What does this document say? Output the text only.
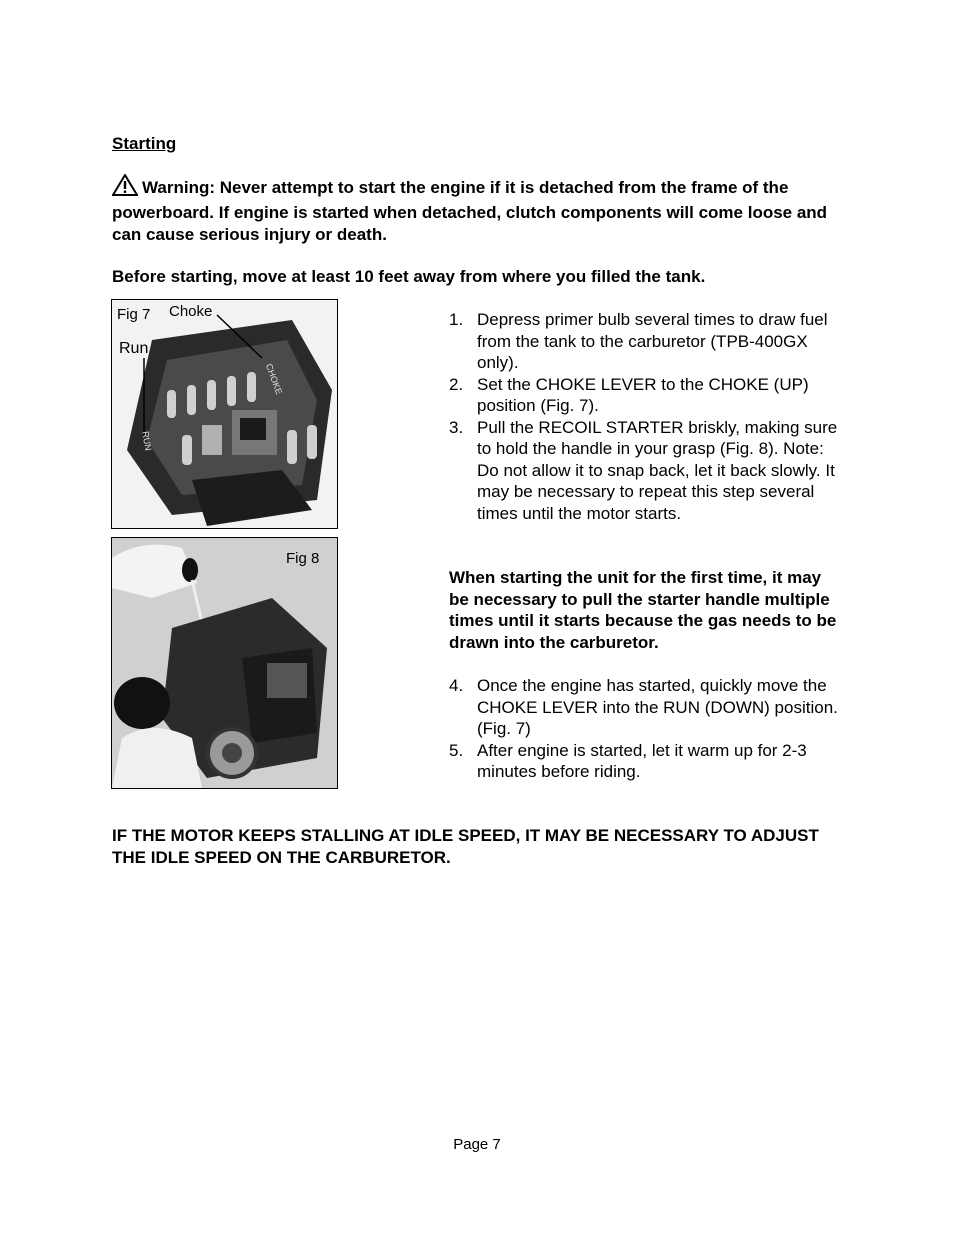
Starting

Warning: Never attempt to start the engine if it is detached from the frame of the powerboard. If engine is started when detached, clutch components will come loose and can cause serious injury or death.

Before starting, move at least 10 feet away from where you filled the tank.

Fig 7 Choke
Run
CHOKE
RUN
Fig 8
1. Depress primer bulb several times to draw fuel from the tank to the carburetor (TPB-400GX only).
2. Set the CHOKE LEVER to the CHOKE (UP) position (Fig. 7).
3. Pull the RECOIL STARTER briskly, making sure to hold the handle in your grasp (Fig. 8). Note: Do not allow it to snap back, let it back slowly. It may be necessary to repeat this step several times until the motor starts.

When starting the unit for the first time, it may be necessary to pull the starter handle multiple times until it starts because the gas needs to be drawn into the carburetor.

4. Once the engine has started, quickly move the CHOKE LEVER into the RUN (DOWN) position. (Fig. 7)
5. After engine is started, let it warm up for 2-3 minutes before riding.

IF THE MOTOR KEEPS STALLING AT IDLE SPEED, IT MAY BE NECESSARY TO ADJUST THE IDLE SPEED ON THE CARBURETOR.

Page 7
